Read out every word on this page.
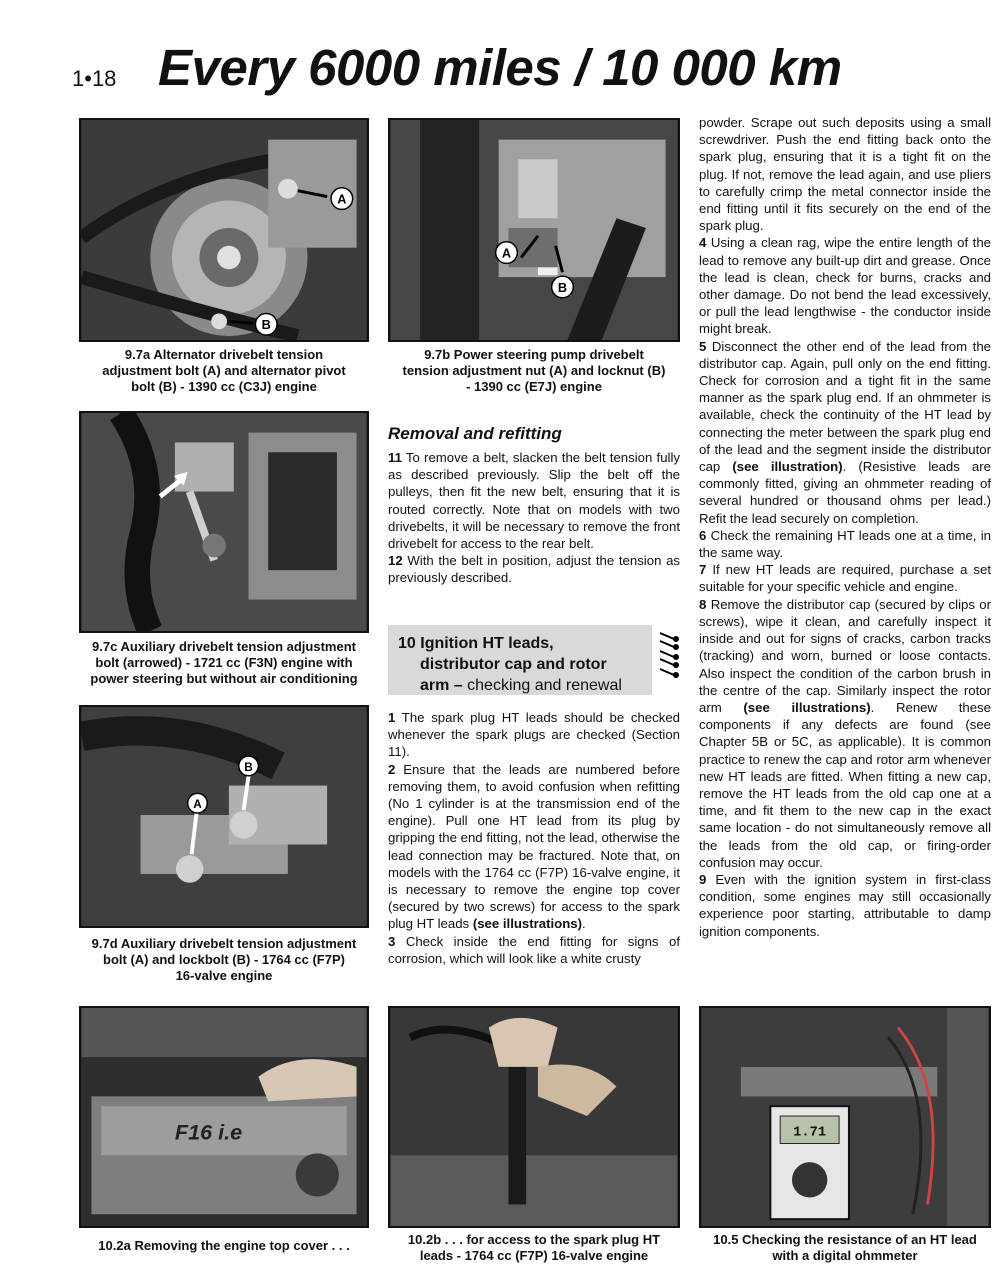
1•18 Every 6000 miles / 10 000 km
A
B
9.7a Alternator drivebelt tension
adjustment bolt (A) and alternator pivot
bolt (B) - 1390 cc (C3J) engine
A
B
9.7b Power steering pump drivebelt
tension adjustment nut (A) and locknut (B)
- 1390 cc (E7J) engine
9.7c Auxiliary drivebelt tension adjustment
bolt (arrowed) - 1721 cc (F3N) engine with
power steering but without air conditioning
A
B
9.7d Auxiliary drivebelt tension adjustment
bolt (A) and lockbolt (B) - 1764 cc (F7P)
16-valve engine
Removal and refitting

11 To remove a belt, slacken the belt tension fully as described previously. Slip the belt off the pulleys, then fit the new belt, ensuring that it is routed correctly. Note that on models with two drivebelts, it will be necessary to remove the front drivebelt for access to the rear belt.

12 With the belt in position, adjust the tension as previously described.

10 Ignition HT leads,
distributor cap and rotor
arm – checking and renewal

1 The spark plug HT leads should be checked whenever the spark plugs are checked (Section 11).

2 Ensure that the leads are numbered before removing them, to avoid confusion when refitting (No 1 cylinder is at the transmission end of the engine). Pull one HT lead from its plug by gripping the end fitting, not the lead, otherwise the lead connection may be fractured. Note that, on models with the 1764 cc (F7P) 16-valve engine, it is necessary to remove the engine top cover (secured by two screws) for access to the spark plug HT leads (see illustrations).

3 Check inside the end fitting for signs of corrosion, which will look like a white crusty

powder. Scrape out such deposits using a small screwdriver. Push the end fitting back onto the spark plug, ensuring that it is a tight fit on the plug. If not, remove the lead again, and use pliers to carefully crimp the metal connector inside the end fitting until it fits securely on the end of the spark plug.

4 Using a clean rag, wipe the entire length of the lead to remove any built-up dirt and grease. Once the lead is clean, check for burns, cracks and other damage. Do not bend the lead excessively, or pull the lead lengthwise - the conductor inside might break.

5 Disconnect the other end of the lead from the distributor cap. Again, pull only on the end fitting. Check for corrosion and a tight fit in the same manner as the spark plug end. If an ohmmeter is available, check the continuity of the HT lead by connecting the meter between the spark plug end of the lead and the segment inside the distributor cap (see illustration). (Resistive leads are commonly fitted, giving an ohmmeter reading of several hundred or thousand ohms per lead.) Refit the lead securely on completion.

6 Check the remaining HT leads one at a time, in the same way.

7 If new HT leads are required, purchase a set suitable for your specific vehicle and engine.

8 Remove the distributor cap (secured by clips or screws), wipe it clean, and carefully inspect it inside and out for signs of cracks, carbon tracks (tracking) and worn, burned or loose contacts. Also inspect the condition of the carbon brush in the centre of the cap. Similarly inspect the rotor arm (see illustrations). Renew these components if any defects are found (see Chapter 5B or 5C, as applicable). It is common practice to renew the cap and rotor arm whenever new HT leads are fitted. When fitting a new cap, remove the HT leads from the old cap one at a time, and fit them to the new cap in the exact same location - do not simultaneously remove all the leads from the old cap, or firing-order confusion may occur.

9 Even with the ignition system in first-class condition, some engines may still occasionally experience poor starting, attributable to damp ignition components.

F16 i.e
10.2a Removing the engine top cover . . .	10.2b . . . for access to the spark plug HT
leads - 1764 cc (F7P) 16-valve engine
1.71
10.5 Checking the resistance of an HT lead
with a digital ohmmeter
